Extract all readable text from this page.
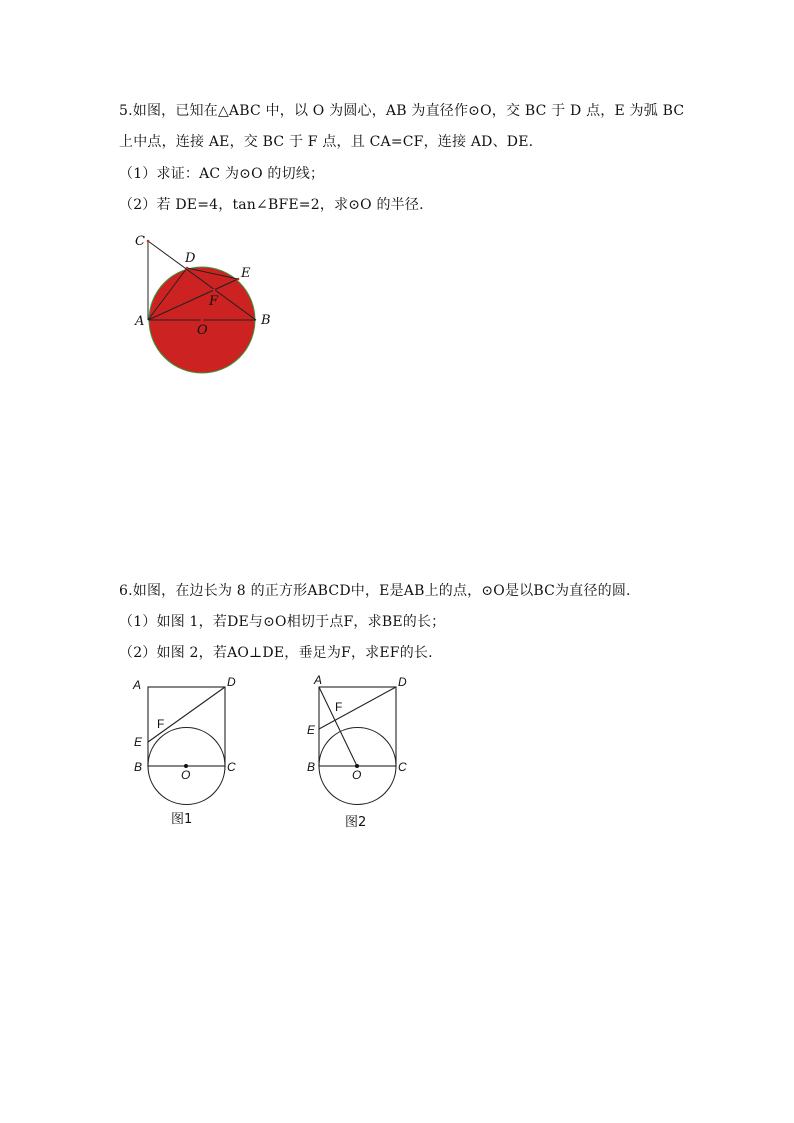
5.如图，已知在△ABC 中，以 O 为圆心，AB 为直径作⊙O，交 BC 于 D 点，E 为弧 BC
上中点，连接 AE，交 BC 于 F 点，且 CA=CF，连接 AD、DE.
（1）求证：AC 为⊙O 的切线；
（2）若 DE=4，tan∠BFE=2，求⊙O 的半径.
C
D
E
F
A
O
B
6.如图，在边长为 8 的正方形ABCD中，E是AB上的点，⊙O是以BC为直径的圆.
（1）如图 1，若DE与⊙O相切于点F，求BE的长；
（2）如图 2，若AO⊥DE，垂足为F，求EF的长.
A	D
F
E
B
O
C
图1
A	D
F
E
B
O
C
图2
